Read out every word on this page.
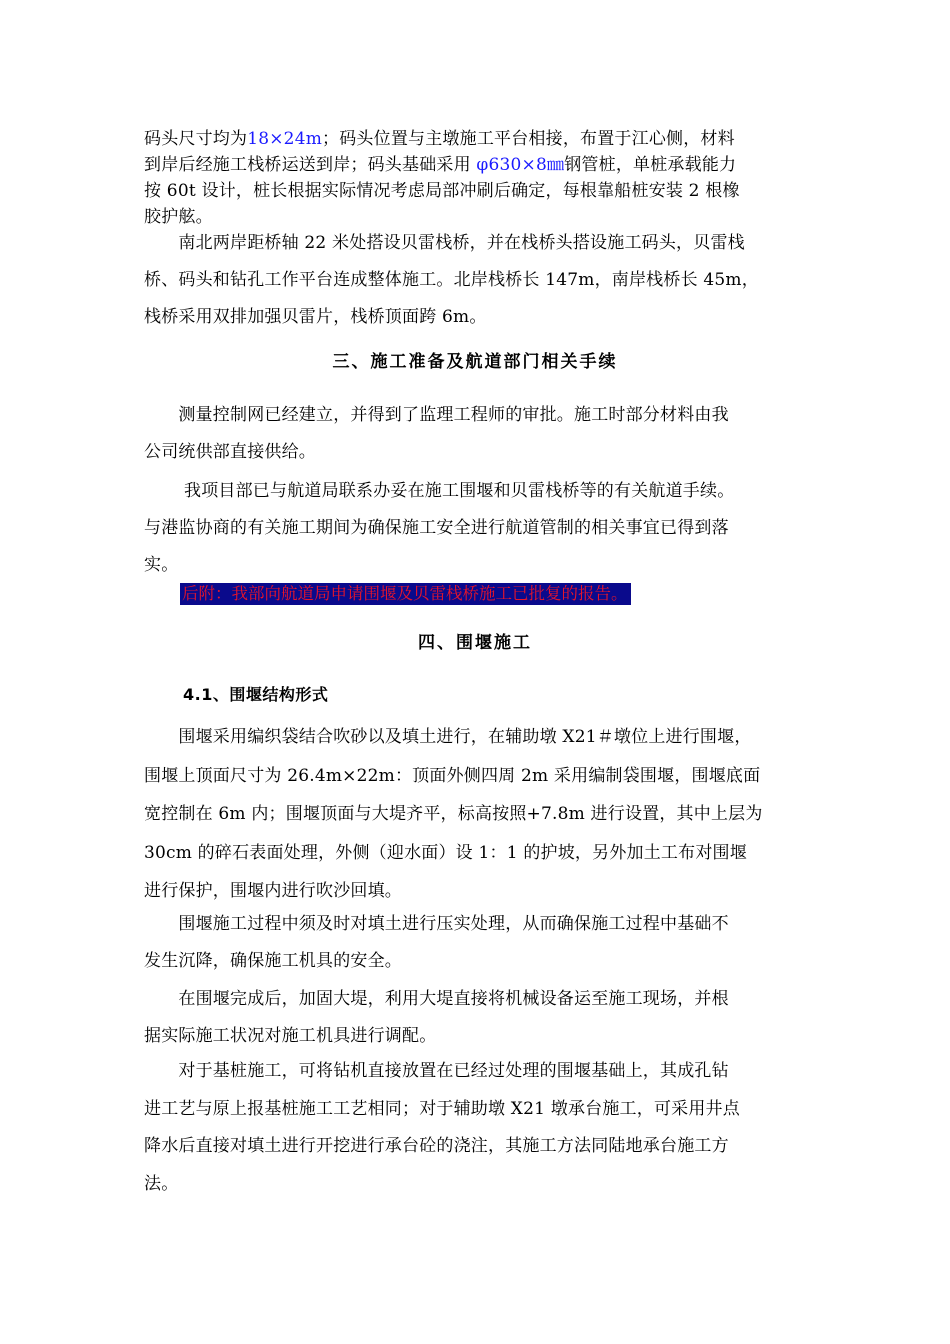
码头尺寸均为18×24m；码头位置与主墩施工平台相接，布置于江心侧，材料
到岸后经施工栈桥运送到岸；码头基础采用 φ630×8㎜钢管桩，单桩承载能力
按 60t 设计，桩长根据实际情况考虑局部冲刷后确定，每根靠船桩安装 2 根橡
胶护舷。
　　南北两岸距桥轴 22 米处搭设贝雷栈桥，并在栈桥头搭设施工码头，贝雷栈
桥、码头和钻孔工作平台连成整体施工。北岸栈桥长 147m，南岸栈桥长 45m，
栈桥采用双排加强贝雷片，栈桥顶面跨 6m。
三、施工准备及航道部门相关手续
　　测量控制网已经建立，并得到了监理工程师的审批。施工时部分材料由我
公司统供部直接供给。
　　 我项目部已与航道局联系办妥在施工围堰和贝雷栈桥等的有关航道手续。
与港监协商的有关施工期间为确保施工安全进行航道管制的相关事宜已得到落
实。
后附：我部向航道局申请围堰及贝雷栈桥施工已批复的报告。
四、围堰施工
4.1、围堰结构形式
　　围堰采用编织袋结合吹砂以及填土进行，在辅助墩 X21＃墩位上进行围堰，
围堰上顶面尺寸为 26.4m×22m：顶面外侧四周 2m 采用编制袋围堰，围堰底面
宽控制在 6m 内；围堰顶面与大堤齐平，标高按照+7.8m 进行设置，其中上层为
30cm 的碎石表面处理，外侧（迎水面）设 1：1 的护坡，另外加土工布对围堰
进行保护，围堰内进行吹沙回填。
　　围堰施工过程中须及时对填土进行压实处理，从而确保施工过程中基础不
发生沉降，确保施工机具的安全。
　　在围堰完成后，加固大堤，利用大堤直接将机械设备运至施工现场，并根
据实际施工状况对施工机具进行调配。
　　对于基桩施工，可将钻机直接放置在已经过处理的围堰基础上，其成孔钻
进工艺与原上报基桩施工工艺相同；对于辅助墩 X21 墩承台施工，可采用井点
降水后直接对填土进行开挖进行承台砼的浇注，其施工方法同陆地承台施工方
法。
